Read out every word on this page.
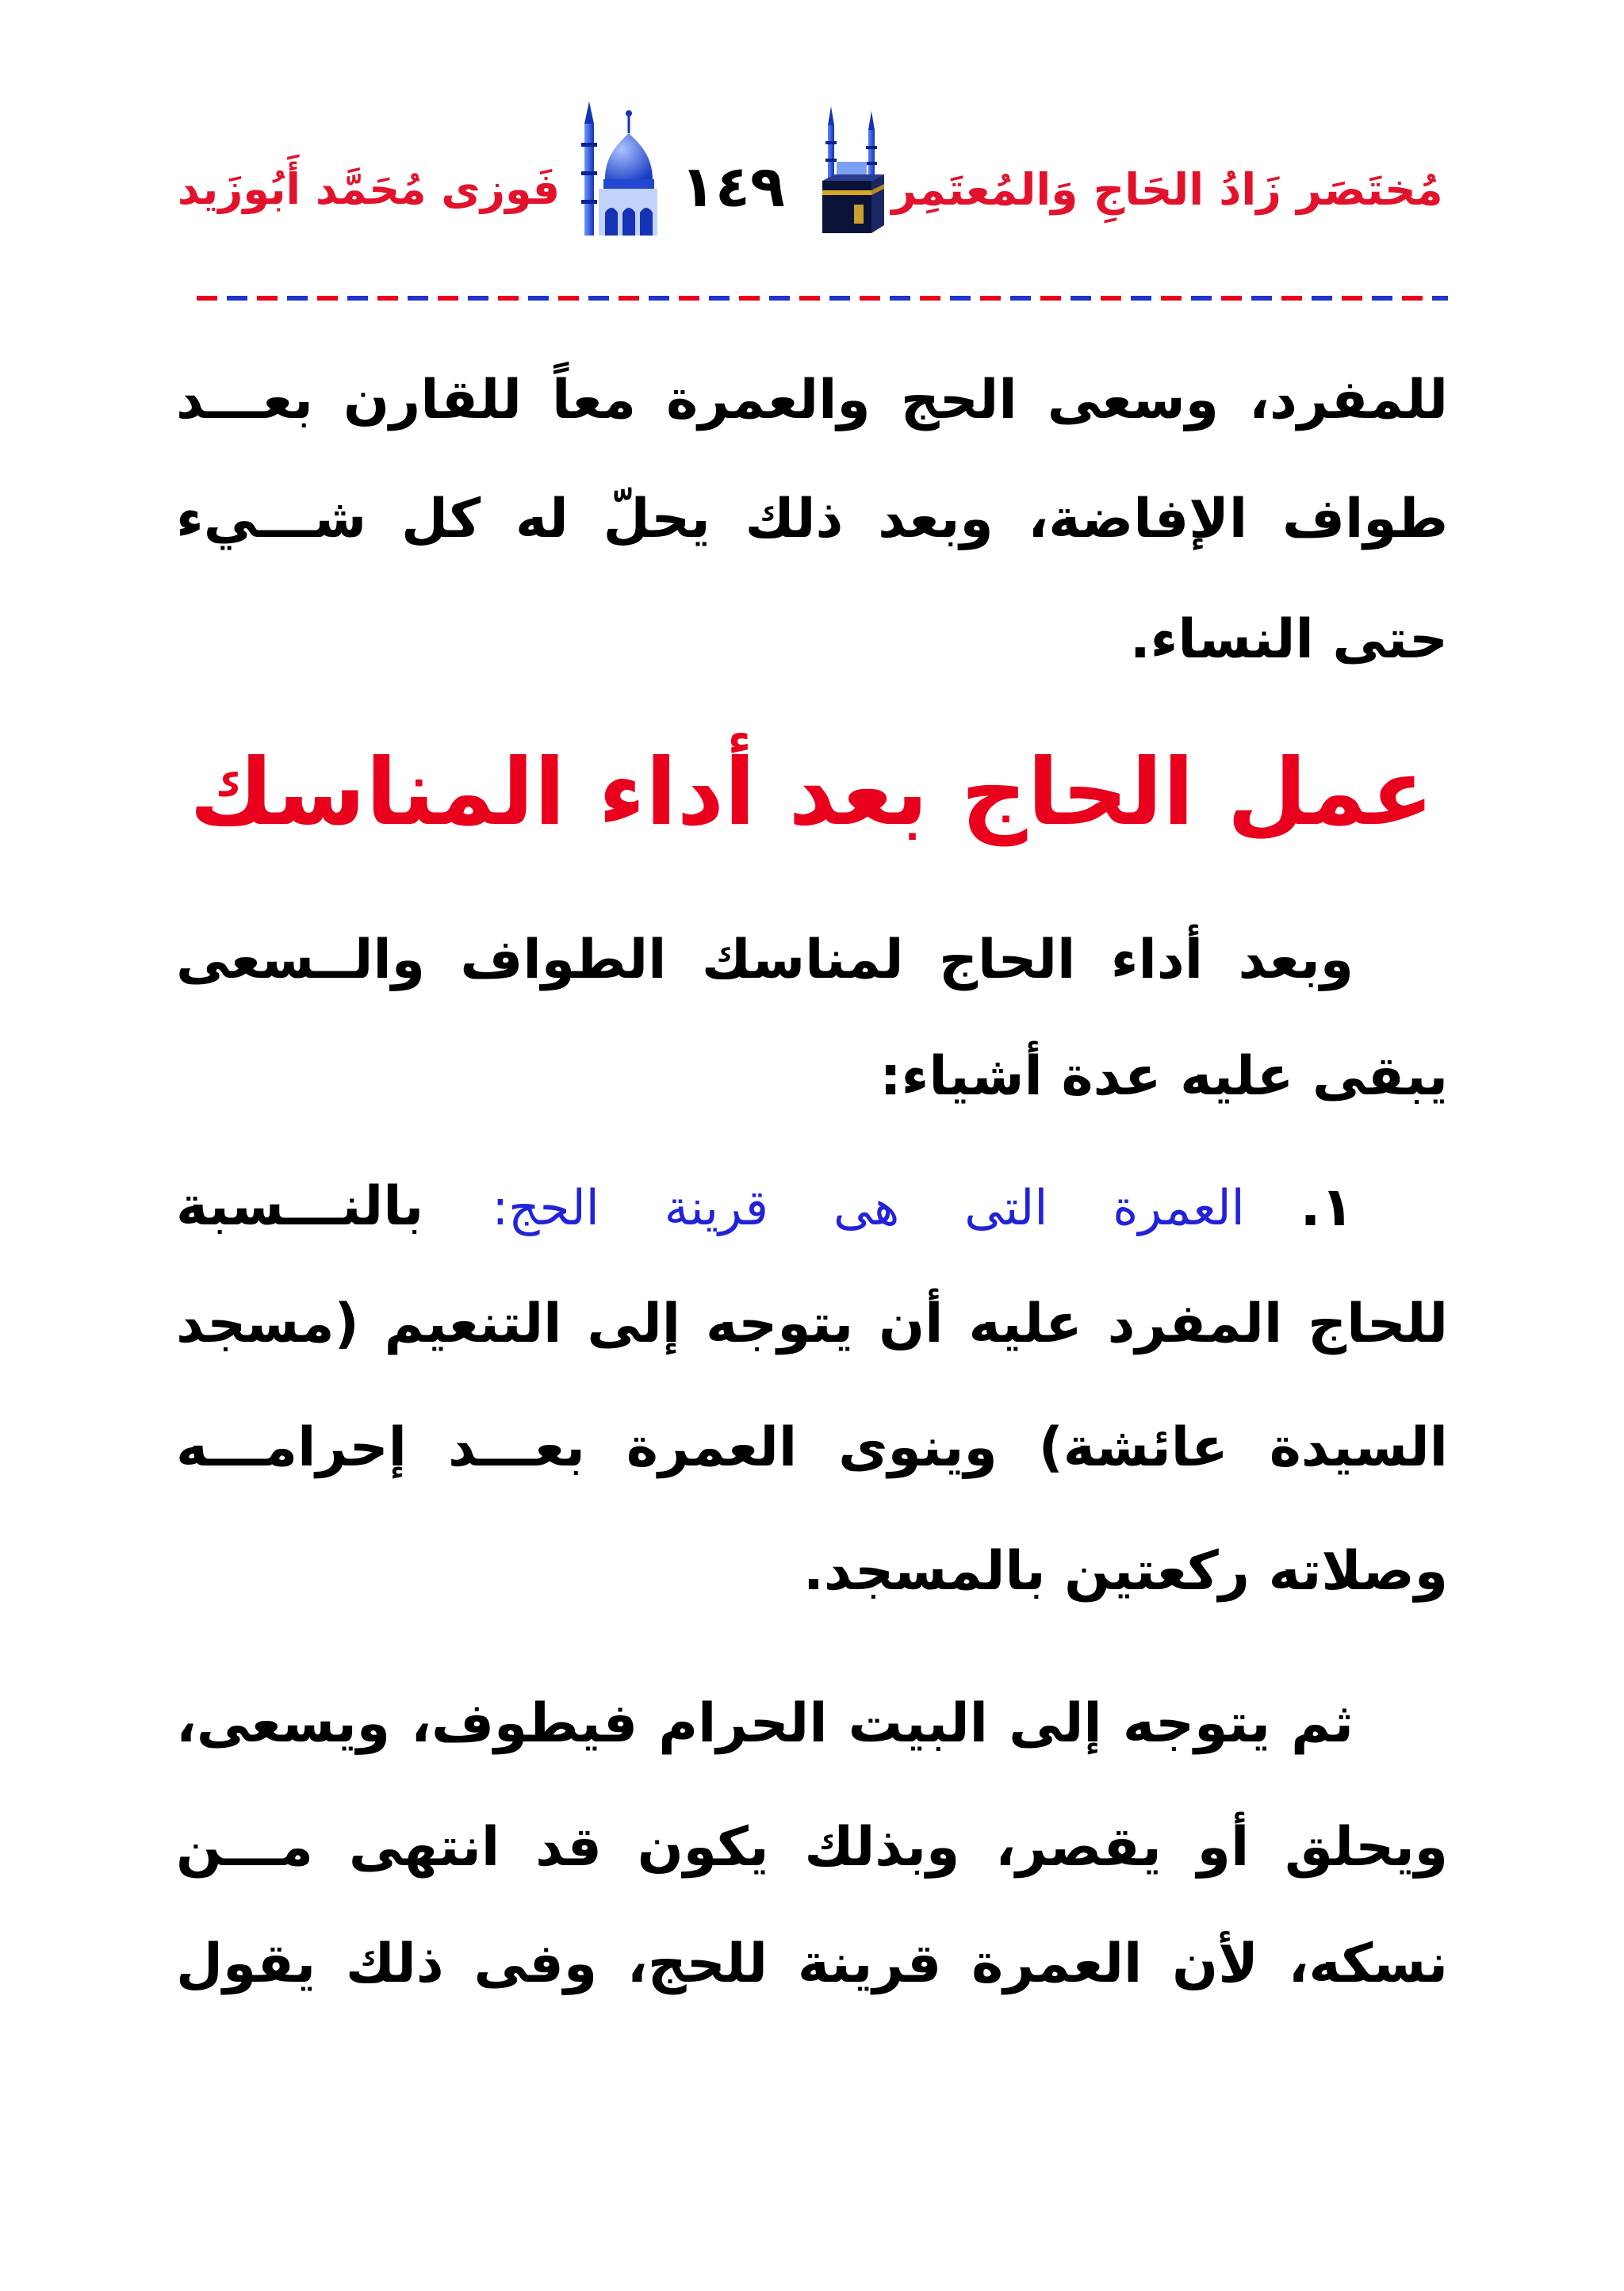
فَوزى مُحَمَّد أَبُوزَيد ١٤٩ مُختَصَر زَادُ الحَاجِ وَالمُعتَمِر
للمفرد، وسعى الحج والعمرة معاً للقارن بعـــد
طواف الإفاضة، وبعد ذلك يحلّ له كل شـــيء
حتى النساء.
عمل الحاج بعد أداء المناسك
وبعد أداء الحاج لمناسك الطواف والــسعى
يبقى عليه عدة أشياء:
١.
العمرة التى هى قرينة الحج: بالنـــسبة
للحاج المفرد عليه أن يتوجه إلى التنعيم (مسجد
السيدة عائشة) وينوى العمرة بعـــد إحرامـــه
وصلاته ركعتين بالمسجد.
ثم يتوجه إلى البيت الحرام فيطوف، ويسعى،
ويحلق أو يقصر، وبذلك يكون قد انتهى مـــن
نسكه، لأن العمرة قرينة للحج، وفى ذلك يقول
